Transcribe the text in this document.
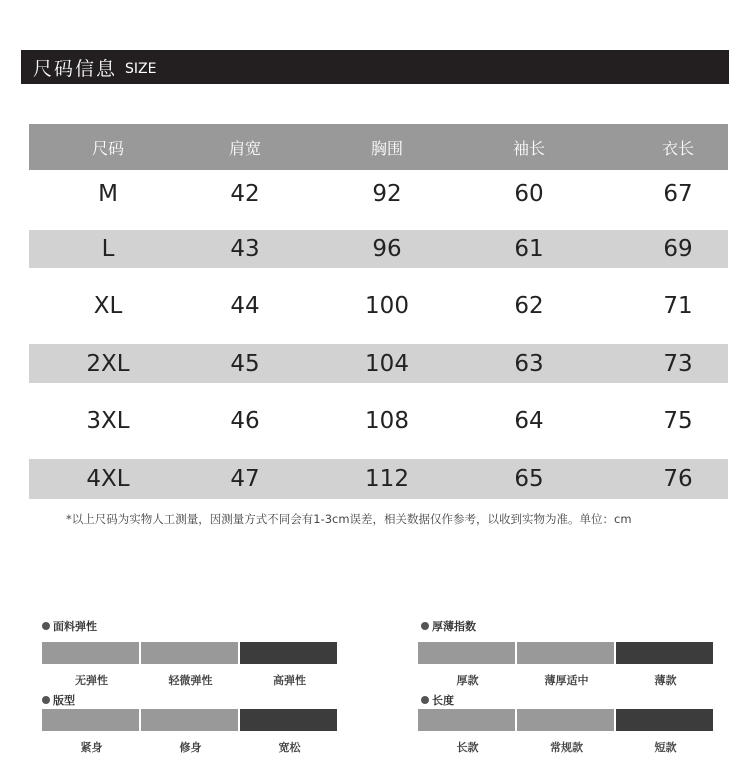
尺码信息 SIZE
尺码	肩宽	胸围	袖长	衣长
M	42	92	60	67
L	43	96	61	69
XL	44	100	62	71
2XL	45	104	63	73
3XL	46	108	64	75
4XL	47	112	65	76
*以上尺码为实物人工测量，因测量方式不同会有1-3cm误差，相关数据仅作参考，以收到实物为准。单位：cm
面料弹性
无弹性	轻微弹性	高弹性
版型
紧身	修身	宽松
厚薄指数
厚款	薄厚适中	薄款
长度
长款	常规款	短款
